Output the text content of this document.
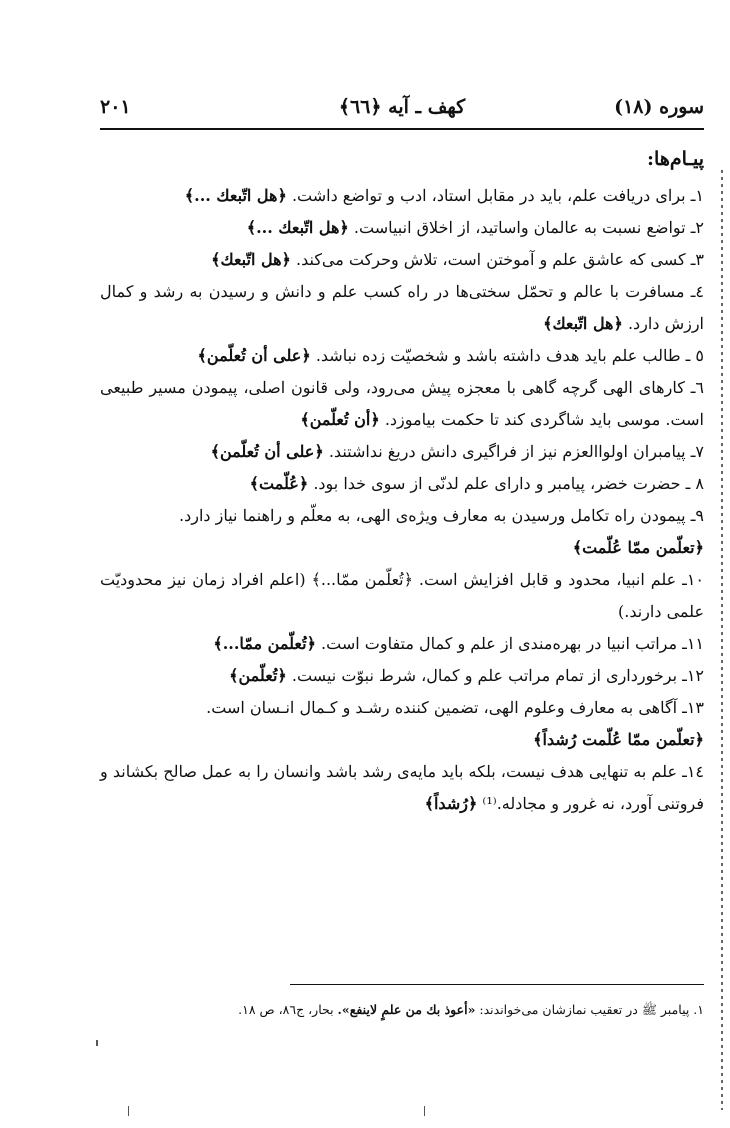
سوره (١٨)
کهف ـ آیه ﴿٦٦﴾
٢٠١
پیـام‌ها:

١ـ برای دریافت علم، باید در مقابل استاد، ادب و تواضع داشت. ﴿هل اتّبعك ...﴾

٢ـ تواضع نسبت به عالمان واساتید، از اخلاق انبیاست. ﴿هل اتّبعك ...﴾

٣ـ کسی که عاشق علم و آموختن است، تلاش وحرکت می‌کند. ﴿هل اتّبعك﴾

٤ـ مسافرت با عالم و تحمّل سختی‌ها در راه کسب علم و دانش و رسیدن به رشد و کمال ارزش دارد. ﴿هل اتّبعك﴾

٥ ـ طالب علم باید هدف داشته باشد و شخصیّت زده نباشد. ﴿علی أن تُعلّمن﴾

٦ـ کارهای الهی گرچه گاهی با معجزه پیش می‌رود، ولی قانون اصلی، پیمودن مسیر طبیعی است. موسی باید شاگردی کند تا حکمت بیاموزد. ﴿أن تُعلّمن﴾

٧ـ پیامبران اولواالعزم نیز از فراگیری دانش دریغ نداشتند. ﴿علی أن تُعلّمن﴾

٨ ـ حضرت خضر، پیامبر و دارای علم لدنّی از سوی خدا بود. ﴿عُلّمت﴾

٩ـ پیمودن راه تکامل ورسیدن به معارف ویژه‌ی الهی، به معلّم و راهنما نیاز دارد.
﴿تعلّمن ممّا عُلّمت﴾

١٠ـ علم انبیا، محدود و قابل افزایش است. ﴿تُعلّمن ممّا...﴾ (اعلم افراد زمان نیز محدودیّت علمی دارند.)

١١ـ مراتب انبیا در بهره‌مندی از علم و کمال متفاوت است. ﴿تُعلّمن ممّا...﴾

١٢ـ برخورداری از تمام مراتب علم و کمال، شرط نبوّت نیست. ﴿تُعلّمن﴾

١٣ـ آگاهی به معارف وعلوم الهی، تضمین کننده رشـد و کـمال انـسان است.
﴿تعلّمن ممّا عُلّمت رُشداً﴾

١٤ـ علم به تنهایی هدف نیست، بلکه باید مایه‌ی رشد باشد وانسان را به عمل صالح بکشاند و فروتنی آورد، نه غرور و مجادله.⁽¹⁾ ﴿رُشداً﴾

١. پیامبر ﷺ در تعقیب نمازشان می‌خواندند: «أعوذ بك من علمٍ لاینفع». بحار، ج٨٦، ص ١٨.
